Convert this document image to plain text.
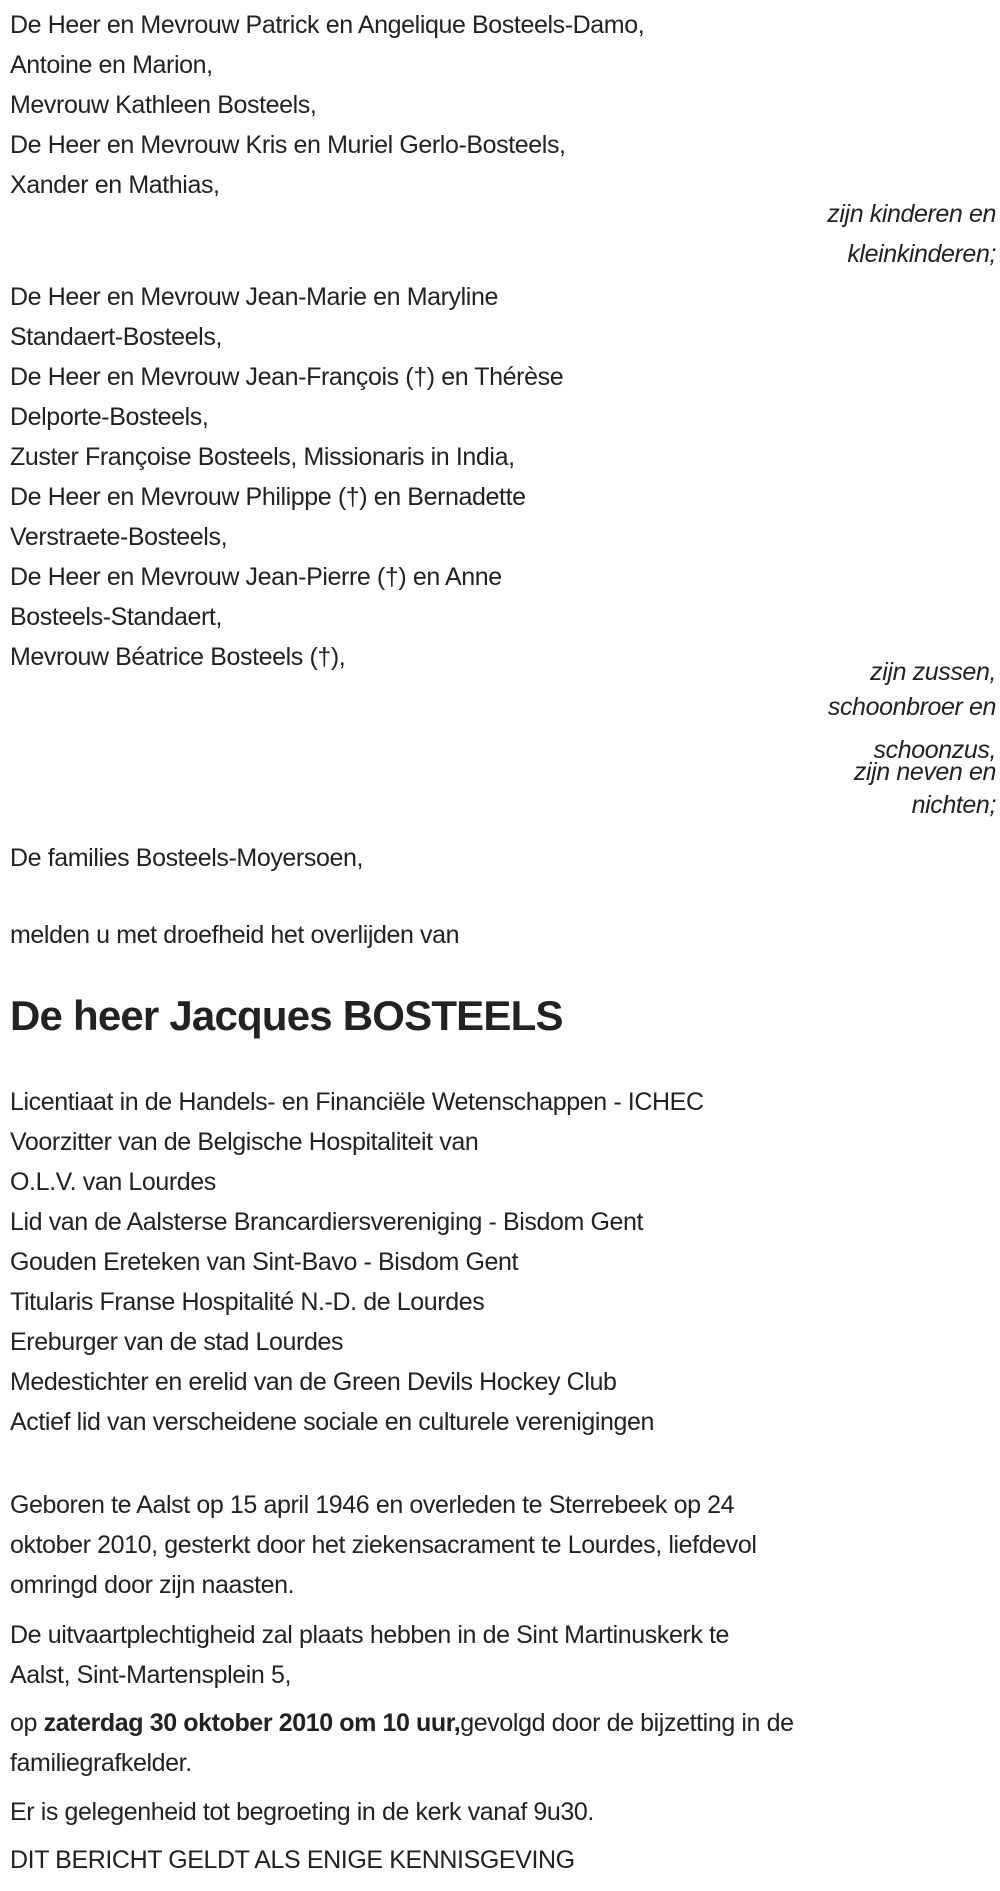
De Heer en Mevrouw Patrick en Angelique Bosteels-Damo,
Antoine en Marion,
Mevrouw Kathleen Bosteels,
De Heer en Mevrouw Kris en Muriel Gerlo-Bosteels,
Xander en Mathias,
zijn kinderen en
kleinkinderen;
De Heer en Mevrouw Jean-Marie en Maryline
Standaert-Bosteels,
De Heer en Mevrouw Jean-François (†) en Thérèse
Delporte-Bosteels,
Zuster Françoise Bosteels, Missionaris in India,
De Heer en Mevrouw Philippe (†) en Bernadette
Verstraete-Bosteels,
De Heer en Mevrouw Jean-Pierre (†) en Anne
Bosteels-Standaert,
Mevrouw Béatrice Bosteels (†),
zijn zussen,
schoonbroer en
schoonzus,
zijn neven en
nichten;
De families Bosteels-Moyersoen,
melden u met droefheid het overlijden van
De heer Jacques BOSTEELS
Licentiaat in de Handels- en Financiële Wetenschappen - ICHEC
Voorzitter van de Belgische Hospitaliteit van
O.L.V. van Lourdes
Lid van de Aalsterse Brancardiersvereniging - Bisdom Gent
Gouden Ereteken van Sint-Bavo - Bisdom Gent
Titularis Franse Hospitalité N.-D. de Lourdes
Ereburger van de stad Lourdes
Medestichter en erelid van de Green Devils Hockey Club
Actief lid van verscheidene sociale en culturele verenigingen
Geboren te Aalst op 15 april 1946 en overleden te Sterrebeek op 24
oktober 2010, gesterkt door het ziekensacrament te Lourdes, liefdevol
omringd door zijn naasten.
De uitvaartplechtigheid zal plaats hebben in de Sint Martinuskerk te
Aalst, Sint-Martensplein 5,
op zaterdag 30 oktober 2010 om 10 uur,gevolgd door de bijzetting in de
familiegrafkelder.
Er is gelegenheid tot begroeting in de kerk vanaf 9u30.
DIT BERICHT GELDT ALS ENIGE KENNISGEVING
